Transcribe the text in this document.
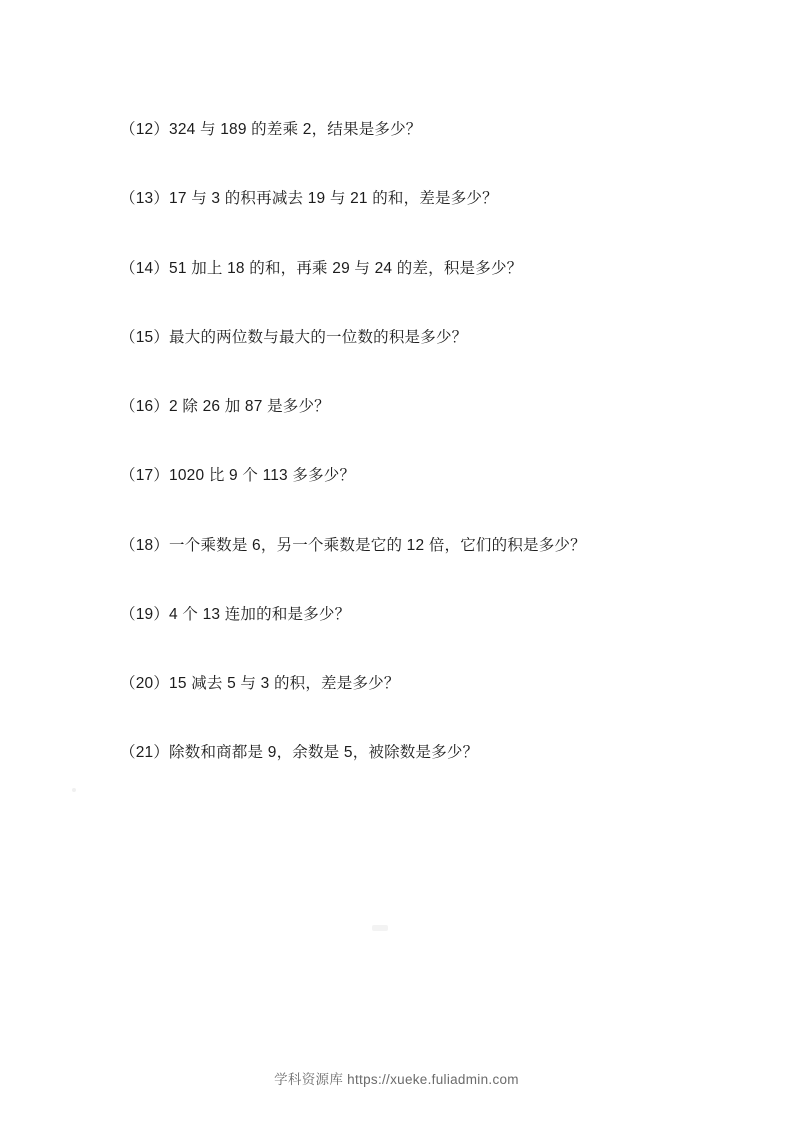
（12）324 与 189 的差乘 2，结果是多少？
（13）17 与 3 的积再减去 19 与 21 的和，差是多少？
（14）51 加上 18 的和，再乘 29 与 24 的差，积是多少？
（15）最大的两位数与最大的一位数的积是多少？
（16）2 除 26 加 87 是多少？
（17）1020 比 9 个 113 多多少？
（18）一个乘数是 6，另一个乘数是它的 12 倍，它们的积是多少？
（19）4 个 13 连加的和是多少？
（20）15 减去 5 与 3 的积，差是多少？
（21）除数和商都是 9，余数是 5，被除数是多少？
学科资源库 https://xueke.fuliadmin.com
